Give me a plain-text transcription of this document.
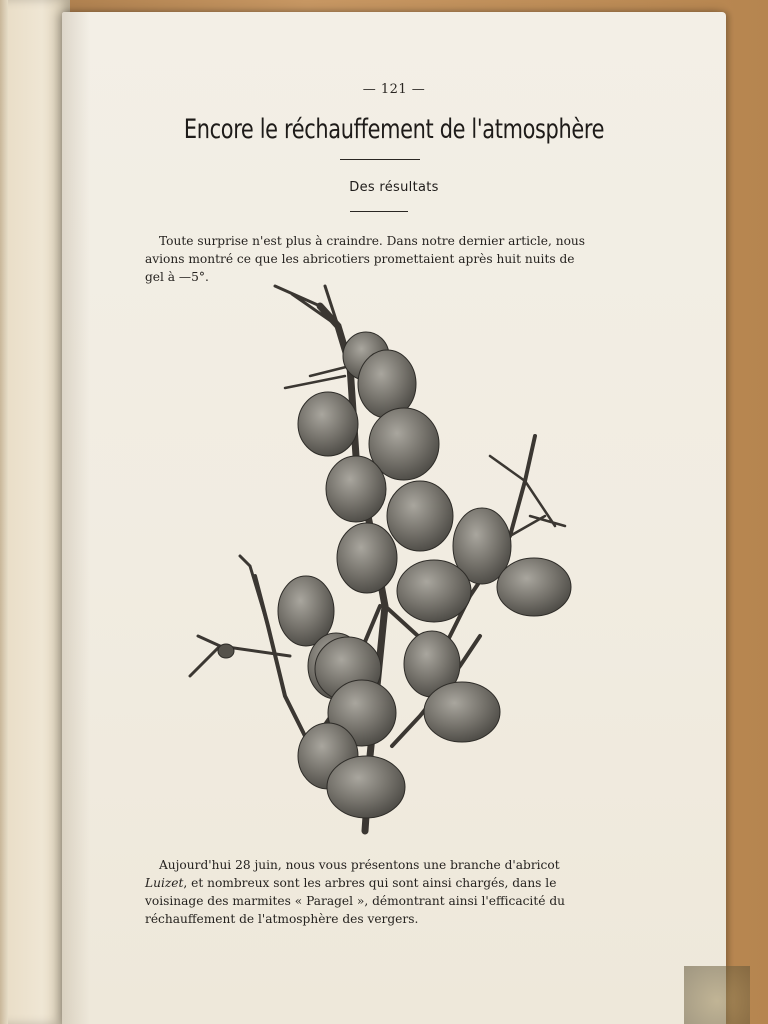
— 121 —
Encore le réchauffement de l'atmosphère
Des résultats
Toute surprise n'est plus à craindre. Dans notre dernier article, nous
avions montré ce que les abricotiers promettaient après huit nuits de
gel à —5°.
Aujourd'hui 28 juin, nous vous présentons une branche d'abricot
Luizet, et nombreux sont les arbres qui sont ainsi chargés, dans le
voisinage des marmites « Paragel », démontrant ainsi l'efficacité du
réchauffement de l'atmosphère des vergers.
